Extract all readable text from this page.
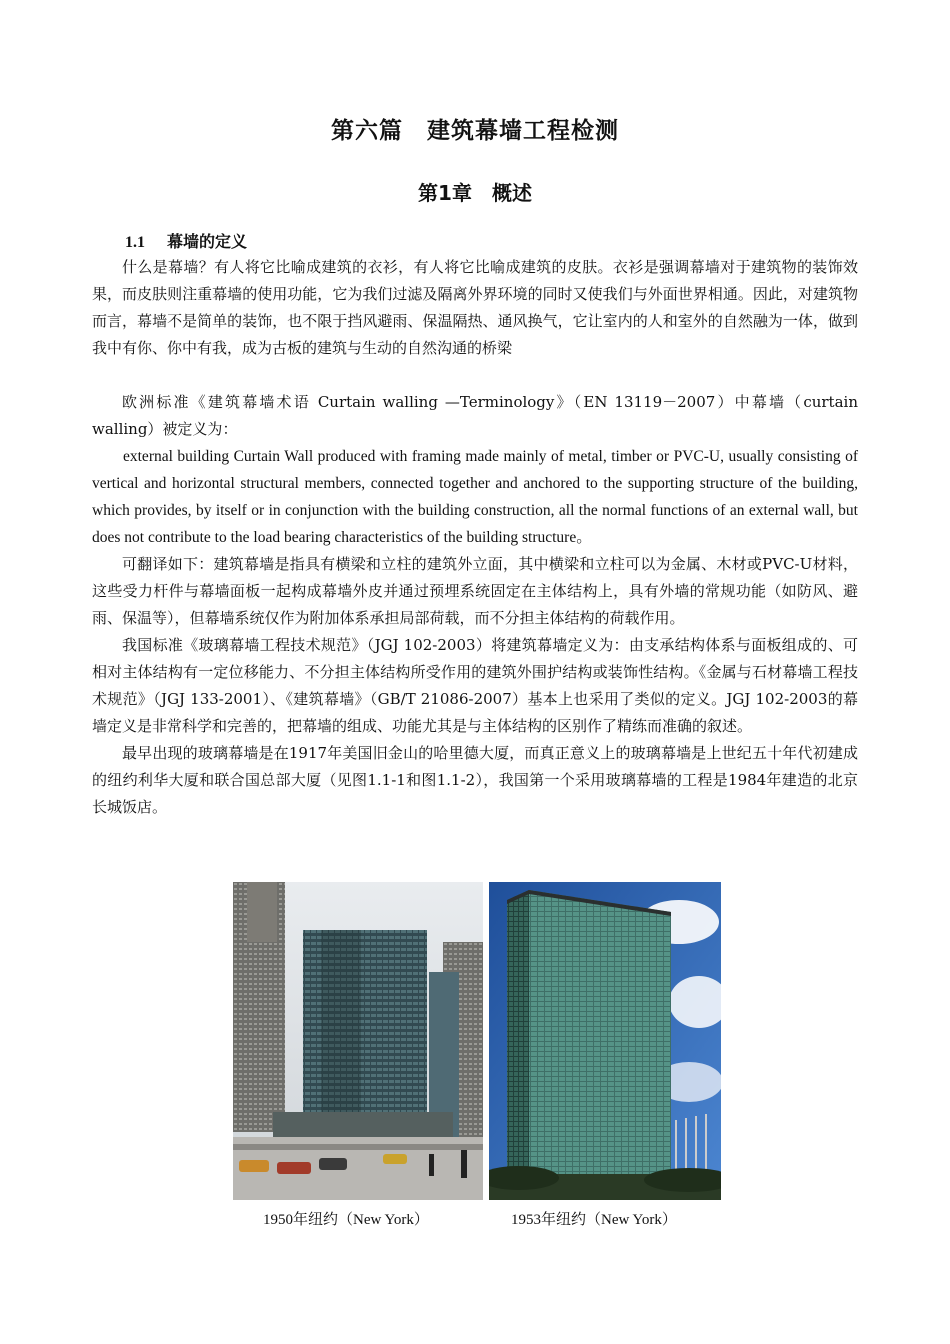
第六篇　建筑幕墙工程检测
第1章　概述
1.1 幕墙的定义

什么是幕墙？有人将它比喻成建筑的衣衫，有人将它比喻成建筑的皮肤。衣衫是强调幕墙对于建筑物的装饰效果，而皮肤则注重幕墙的使用功能，它为我们过滤及隔离外界环境的同时又使我们与外面世界相通。因此，对建筑物而言，幕墙不是简单的装饰，也不限于挡风避雨、保温隔热、通风换气，它让室内的人和室外的自然融为一体，做到我中有你、你中有我，成为古板的建筑与生动的自然沟通的桥梁

欧洲标准《建筑幕墙术语 Curtain walling —Terminology》（EN 13119－2007）中幕墙（curtain walling）被定义为：

external building Curtain Wall produced with framing made mainly of metal, timber or PVC-U, usually consisting of vertical and horizontal structural members, connected together and anchored to the supporting structure of the building, which provides, by itself or in conjunction with the building construction, all the normal functions of an external wall, but does not contribute to the load bearing characteristics of the building structure。

可翻译如下：建筑幕墙是指具有横梁和立柱的建筑外立面，其中横梁和立柱可以为金属、木材或PVC-U材料，这些受力杆件与幕墙面板一起构成幕墙外皮并通过预埋系统固定在主体结构上，具有外墙的常规功能（如防风、避雨、保温等），但幕墙系统仅作为附加体系承担局部荷载，而不分担主体结构的荷载作用。

我国标准《玻璃幕墙工程技术规范》（JGJ 102-2003）将建筑幕墙定义为：由支承结构体系与面板组成的、可相对主体结构有一定位移能力、不分担主体结构所受作用的建筑外围护结构或装饰性结构。《金属与石材幕墙工程技术规范》（JGJ 133-2001）、《建筑幕墙》（GB/T 21086-2007）基本上也采用了类似的定义。JGJ 102-2003的幕墙定义是非常科学和完善的，把幕墙的组成、功能尤其是与主体结构的区别作了精练而准确的叙述。

最早出现的玻璃幕墙是在1917年美国旧金山的哈里德大厦，而真正意义上的玻璃幕墙是上世纪五十年代初建成的纽约利华大厦和联合国总部大厦（见图1.1-1和图1.1-2），我国第一个采用玻璃幕墙的工程是1984年建造的北京长城饭店。

1950年纽约（New York）	1953年纽约（New York）
